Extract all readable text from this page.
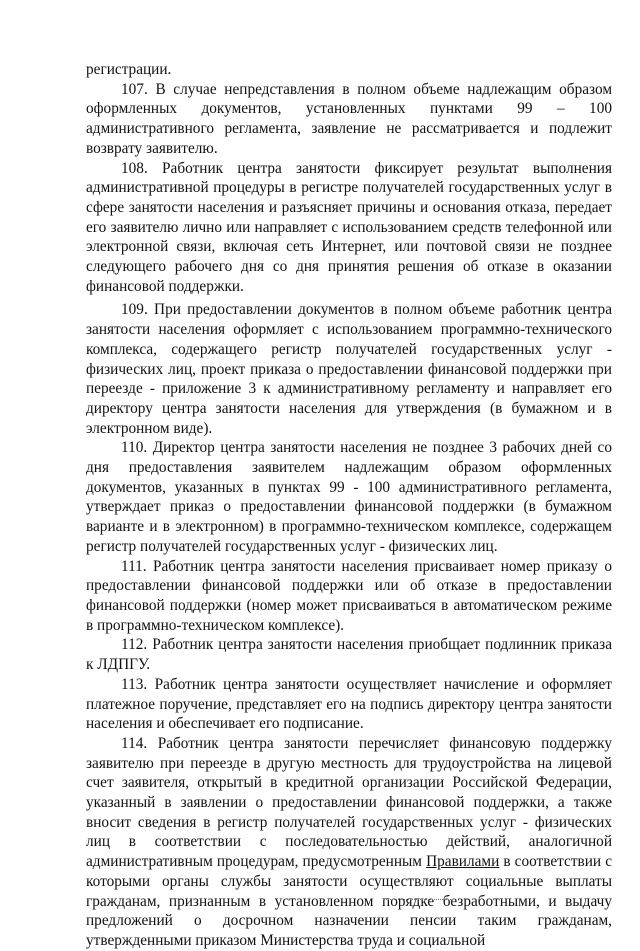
регистрации.

107. В случае непредставления в полном объеме надлежащим образом оформленных документов, установленных пунктами 99 – 100 административного регламента, заявление не рассматривается и подлежит возврату заявителю.

108. Работник центра занятости фиксирует результат выполнения административной процедуры в регистре получателей государственных услуг в сфере занятости населения и разъясняет причины и основания отказа, передает его заявителю лично или направляет с использованием средств телефонной или электронной связи, включая сеть Интернет, или почтовой связи не позднее следующего рабочего дня со дня принятия решения об отказе в оказании финансовой поддержки.

109. При предоставлении документов в полном объеме работник центра занятости населения оформляет с использованием программно-технического комплекса, содержащего регистр получателей государственных услуг - физических лиц, проект приказа о предоставлении финансовой поддержки при переезде - приложение 3 к административному регламенту и направляет его директору центра занятости населения для утверждения (в бумажном и в электронном виде).

110. Директор центра занятости населения не позднее 3 рабочих дней со дня предоставления заявителем надлежащим образом оформленных документов, указанных в пунктах 99 - 100 административного регламента, утверждает приказ о предоставлении финансовой поддержки (в бумажном варианте и в электронном) в программно-техническом комплексе, содержащем регистр получателей государственных услуг - физических лиц.

111. Работник центра занятости населения присваивает номер приказу о предоставлении финансовой поддержки или об отказе в предоставлении финансовой поддержки (номер может присваиваться в автоматическом режиме в программно-техническом комплексе).

112. Работник центра занятости населения приобщает подлинник приказа к ЛДПГУ.

113. Работник центра занятости осуществляет начисление и оформляет платежное поручение, представляет его на подпись директору центра занятости населения и обеспечивает его подписание.

114. Работник центра занятости перечисляет финансовую поддержку заявителю при переезде в другую местность для трудоустройства на лицевой счет заявителя, открытый в кредитной организации Российской Федерации, указанный в заявлении о предоставлении финансовой поддержки, а также вносит сведения в регистр получателей государственных услуг - физических лиц в соответствии с последовательностью действий, аналогичной административным процедурам, предусмотренным Правилами в соответствии с которыми органы службы занятости осуществляют социальные выплаты гражданам, признанным в установленном порядке безработными, и выдачу предложений о досрочном назначении пенсии таким гражданам, утвержденными приказом Министерства труда и социальной
